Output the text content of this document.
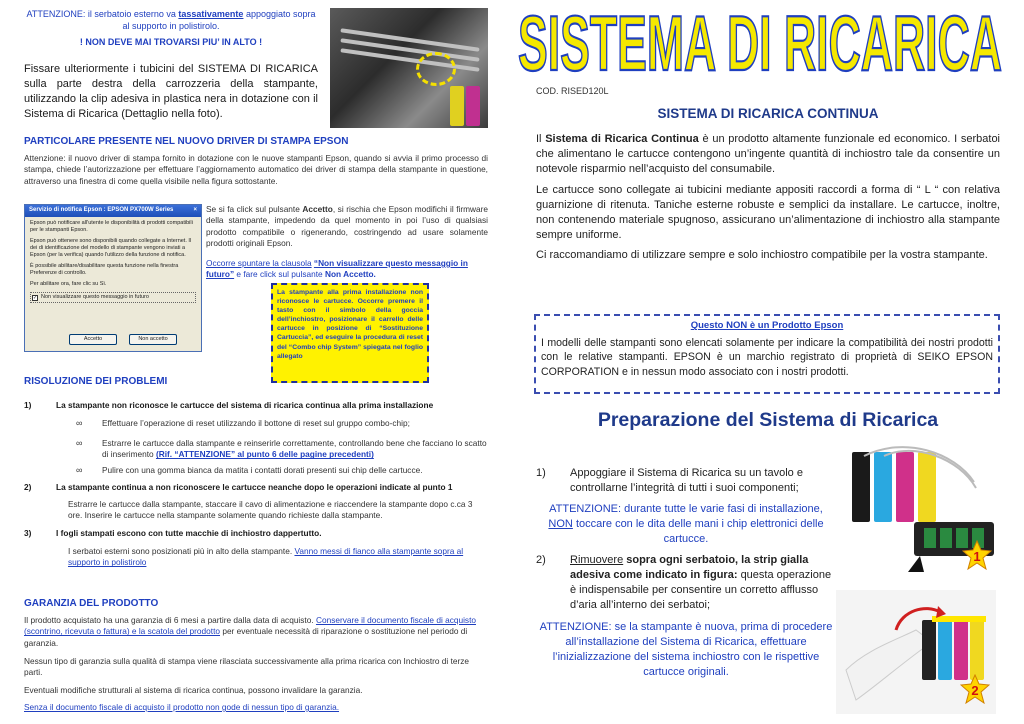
ATTENZIONE: il serbatoio esterno va tassativamente appoggiato sopra al supporto in polistirolo.
! NON DEVE MAI TROVARSI PIU’ IN ALTO !
Fissare ulteriormente i tubicini del SISTEMA DI RICARICA sulla parte destra della carrozzeria della stampante, utilizzando la clip adesiva in plastica nera in dotazione con il Sistema di Ricarica (Dettaglio nella foto).
PARTICOLARE PRESENTE NEL NUOVO DRIVER DI STAMPA EPSON
Attenzione: il nuovo driver di stampa fornito in dotazione con le nuove stampanti Epson, quando si avvia il primo processo di stampa, chiede l’autorizzazione per effettuare l’aggiornamento automatico dei driver di stampa della stampante in questione, attraverso una finestra di come quella visibile nella figura sottostante.
Servizio di notifica Epson : EPSON PX700W Series	×

Epson può notificare all'utente le disponibilità di prodotti compatibili per le stampanti Epson.

Epson può ottenere sono disponibili quando collegate a Internet. Il dei di identificazione del modello di stampante vengono inviati a Epson (per la verifica) quando l'utilizzo della funzione di notifica.

È possibile abilitare/disabilitare questa funzione nella finestra Preferenze di controllo.

Per abilitare ora, fare clic su Sì.

✓ Non visualizzare questo messaggio in futuro
Accetto	Non accetto
Se si fa click sul pulsante Accetto, si rischia che Epson modifichi il firmware della stampante, impedendo da quel momento in poi l’uso di qualsiasi prodotto compatibile o rigenerando, costringendo ad usare solamente prodotti originali Epson.
Occorre spuntare la clausola “Non visualizzare questo messaggio in futuro” e fare click sul pulsante Non Accetto.
La stampante alla prima installazione non riconosce le cartucce. Occorre premere il tasto con il simbolo della goccia dell’inchiostro, posizionare il carrello delle cartucce in posizione di “Sostituzione Cartuccia”, ed eseguire la procedura di reset del “Combo chip System” spiegata nel foglio allegato
RISOLUZIONE DEI PROBLEMI
1)	La stampante non riconosce le cartucce del sistema di ricarica continua alla prima installazione
∞ Effettuare l’operazione di reset utilizzando il bottone di reset sul gruppo combo-chip;
∞ Estrarre le cartucce dalla stampante e reinserirle correttamente, controllando bene che facciano lo scatto di inserimento (Rif. “ATTENZIONE” al punto 6 delle pagine precedenti)
∞ Pulire con una gomma bianca da matita i contatti dorati presenti sui chip delle cartucce.
2)	La stampante continua a non riconoscere le cartucce neanche dopo le operazioni indicate al punto 1
Estrarre le cartucce dalla stampante, staccare il cavo di alimentazione e riaccendere la stampante dopo c.ca 3 ore. Inserire le cartucce nella stampante solamente quando richieste dalla stampante.
3)	I fogli stampati escono con tutte macchie di inchiostro dappertutto.
I serbatoi esterni sono posizionati più in alto della stampante. Vanno messi di fianco alla stampante sopra al supporto in polistirolo
GARANZIA DEL PRODOTTO
Il prodotto acquistato ha una garanzia di 6 mesi a partire dalla data di acquisto. Conservare il documento fiscale di acquisto (scontrino, ricevuta o fattura) e la scatola del prodotto per eventuale necessità di riparazione o sostituzione nel periodo di garanzia.
Nessun tipo di garanzia sulla qualità di stampa viene rilasciata successivamente alla prima ricarica con Inchiostro di terze parti.
Eventuali modifiche strutturali al sistema di ricarica continua, possono invalidare la garanzia.
Senza il documento fiscale di acquisto il prodotto non gode di nessun tipo di garanzia.
SISTEMA DI RICARICA
COD. RISED120L
SISTEMA DI RICARICA CONTINUA
Il Sistema di Ricarica Continua è un prodotto altamente funzionale ed economico. I serbatoi che alimentano le cartucce contengono un’ingente quantità di inchiostro tale da consentire un notevole risparmio nell’acquisto del consumabile.
Le cartucce sono collegate ai tubicini mediante appositi raccordi a forma di “ L “ con relativa guarnizione di ritenuta. Taniche esterne robuste e semplici da installare. Le cartucce, inoltre, non contenendo materiale spugnoso, assicurano un’alimentazione di inchiostro alla stampante sempre uniforme.
Ci raccomandiamo di utilizzare sempre e solo inchiostro compatibile per la vostra stampante.
Questo NON è un Prodotto Epson
I modelli delle stampanti sono elencati solamente per indicare la compatibilità dei nostri prodotti con le relative stampanti. EPSON è un marchio registrato di proprietà di SEIKO EPSON CORPORATION e in nessun modo associato con i nostri prodotti.
Preparazione del Sistema di Ricarica
1) Appoggiare il Sistema di Ricarica su un tavolo e controllarne l’integrità di tutti i suoi componenti;
ATTENZIONE: durante tutte le varie fasi di installazione, NON toccare con le dita delle mani i chip elettronici delle cartucce.
2) Rimuovere sopra ogni serbatoio, la strip gialla adesiva come indicato in figura: questa operazione è indispensabile per consentire un corretto afflusso d’aria all’interno dei serbatoi;
ATTENZIONE: se la stampante è nuova, prima di procedere all’installazione del Sistema di Ricarica, effettuare l’inizializzazione del sistema inchiostro con le rispettive cartucce originali.
1
2
